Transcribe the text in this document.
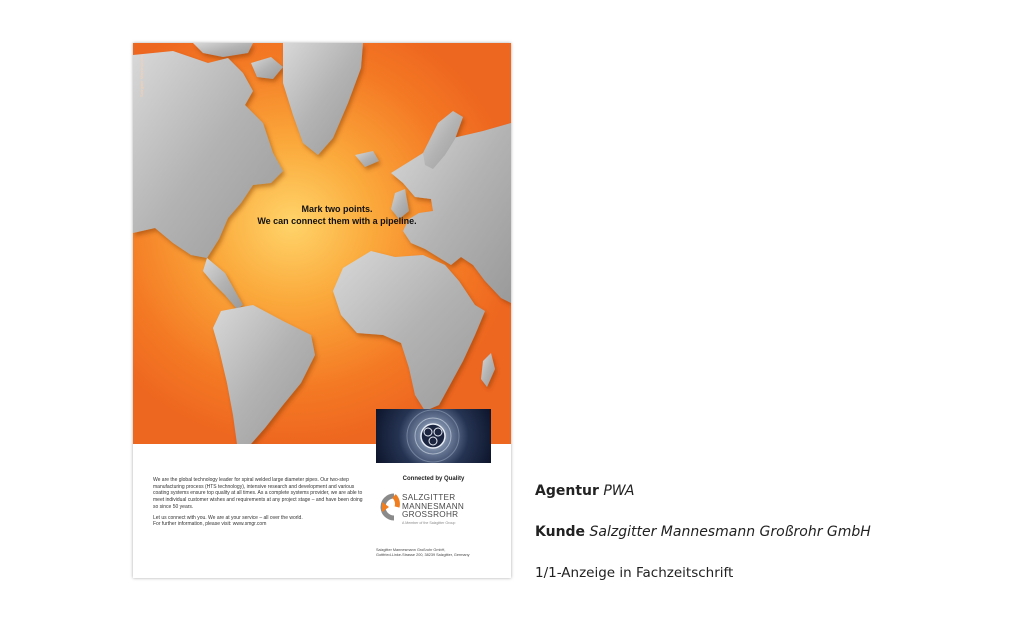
Salzgitter Mannesmann
Mark two points.
We can connect them with a pipeline.

We are the global technology leader for spiral welded large diameter pipes. Our two-step manufacturing process (HTS technology), intensive research and development and various coating systems ensure top quality at all times. As a complete systems provider, we are able to meet individual customer wishes and requirements at any project stage – and have been doing so since 50 years.

Let us connect with you. We are at your service – all over the world.
For further information, please visit: www.smgr.com

Connected by Quality
SALZGITTER
MANNESMANN
GROSSROHR
A Member of the Salzgitter Group
Salzgitter Mannesmann Großrohr GmbH,
Gottfried-Linke-Strasse 200, 38239 Salzgitter, Germany
Agentur PWA
Kunde Salzgitter Mannesmann Großrohr GmbH
1/1-Anzeige in Fachzeitschrift
